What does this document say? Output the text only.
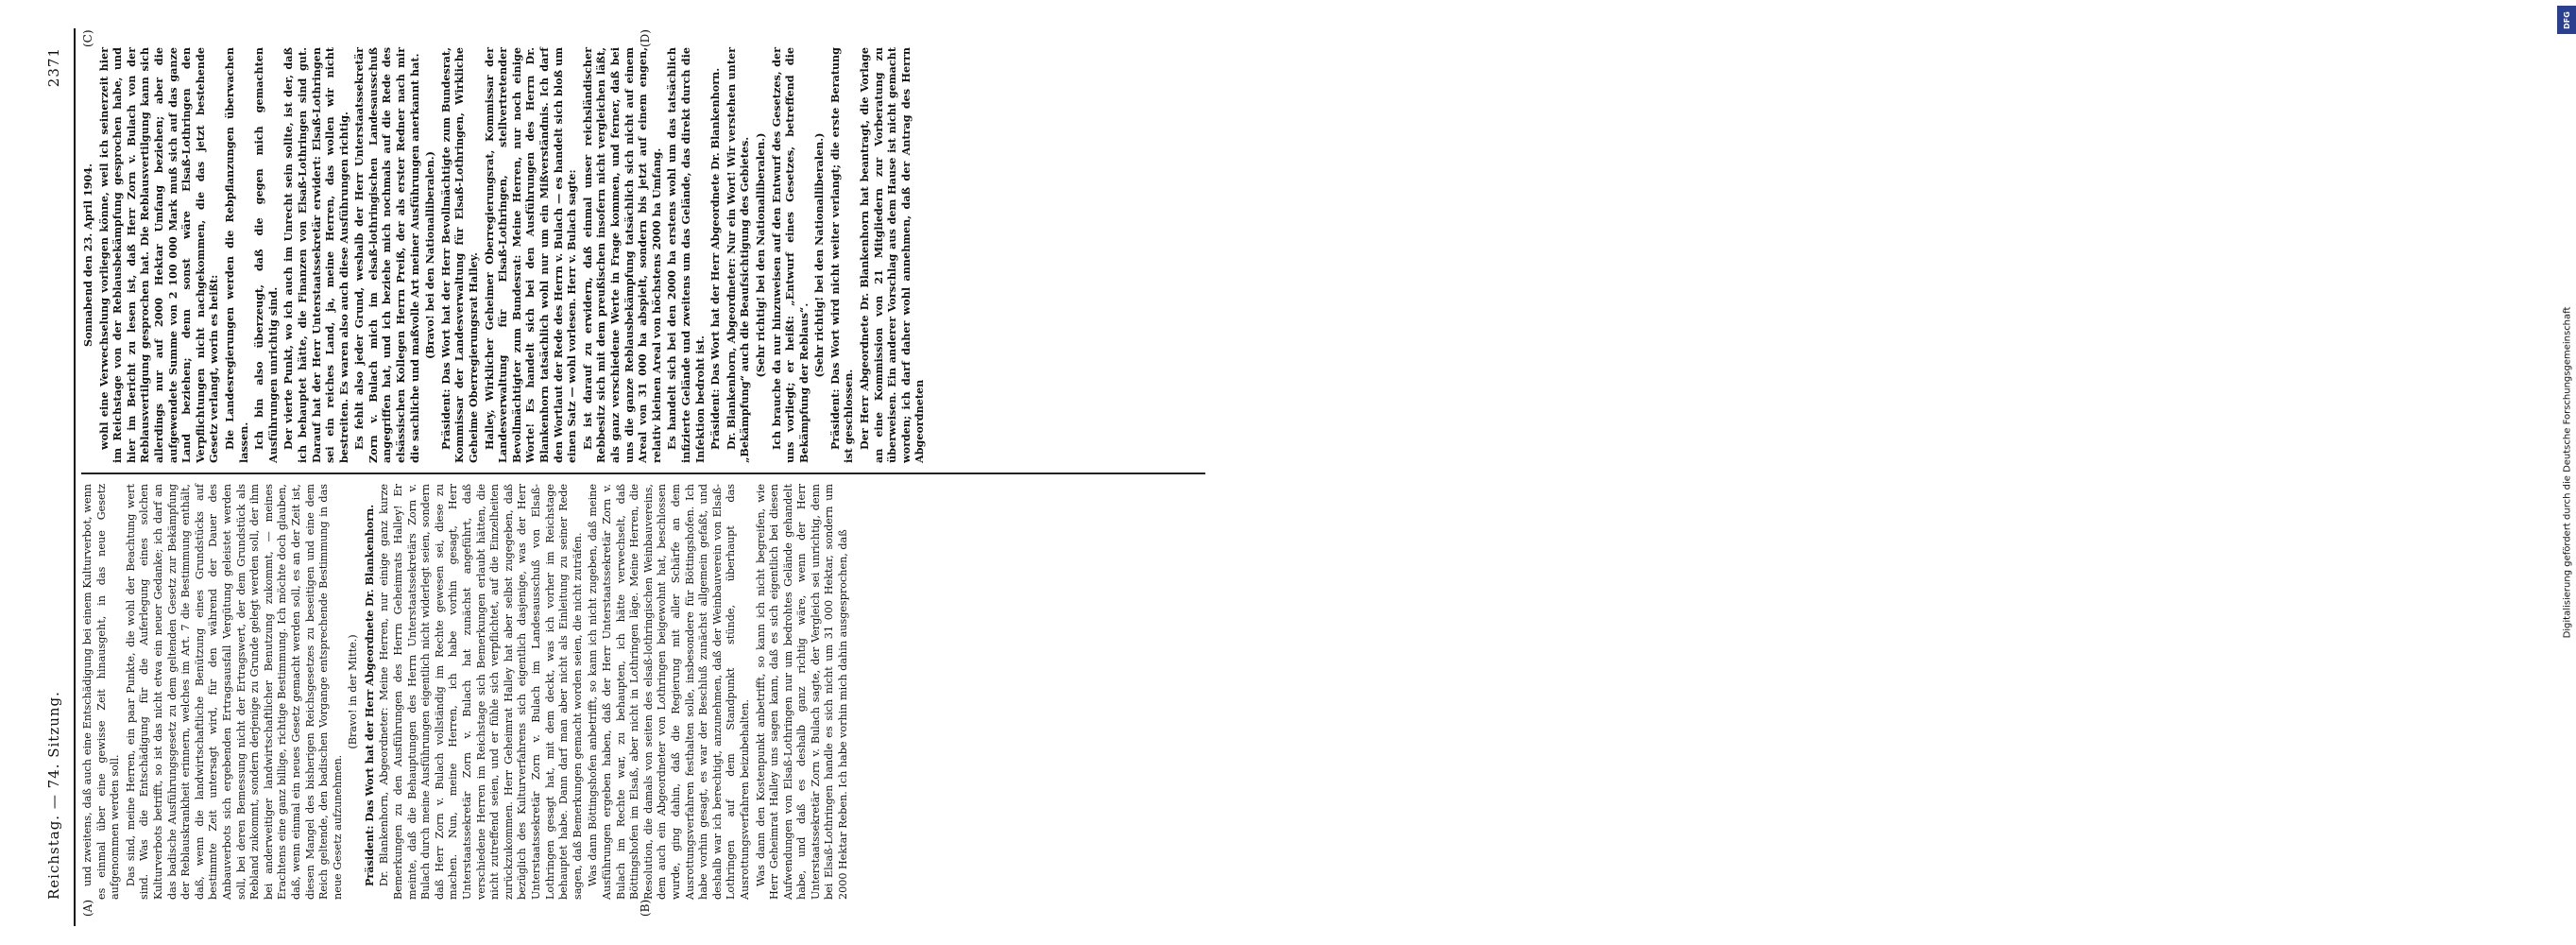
Reichstag. — 74. Sitzung.
2371
(A)	(B)

und zweitens, daß auch eine Entschädigung bei einem Kulturverbot, wenn es einmal über eine gewisse Zeit hinausgeht, in das neue Gesetz aufgenommen werden soll. Das sind, meine Herren, ein paar Punkte, die wohl der Beachtung wert sind. Was die Entschädigung für die Auferlegung eines solchen Kulturverbots betrifft, so ist das nicht etwa ein neuer Gedanke; ich darf an das badische Ausführungsgesetz zu dem geltenden Gesetz zur Bekämpfung der Reblauskrankheit erinnern, welches im Art. 7 die Bestimmung enthält, daß, wenn die landwirtschaftliche Benützung eines Grundstücks auf bestimmte Zeit untersagt wird, für den während der Dauer des Anbauverbots sich ergebenden Ertragsausfall Vergütung geleistet werden soll, bei deren Bemessung nicht der Ertragswert, der dem Grundstück als Rebland zukommt, sondern derjenige zu Grunde gelegt werden soll, der ihm bei anderweitiger landwirtschaftlicher Benutzung zukommt, — meines Erachtens eine ganz billige, richtige Bestimmung. Ich möchte doch glauben, daß, wenn einmal ein neues Gesetz gemacht werden soll, es an der Zeit ist, diesen Mangel des bisherigen Reichsgesetzes zu beseitigen und eine dem Reich geltende, den badischen Vorgange entsprechende Bestimmung in das neue Gesetz aufzunehmen.

(Bravo! in der Mitte.) Präsident: Das Wort hat der Herr Abgeordnete Dr. Blankenhorn. Dr. Blankenhorn, Abgeordneter: Meine Herren, nur einige ganz kurze Bemerkungen zu den Ausführungen des Herrn Geheimrats Halley! Er meinte, daß die Behauptungen des Herrn Unterstaatssekretärs Zorn v. Bulach durch meine Ausführungen eigentlich nicht widerlegt seien, sondern daß Herr Zorn v. Bulach vollständig im Rechte gewesen sei, diese zu machen. Nun, meine Herren, ich habe vorhin gesagt, Herr Unterstaatssekretär Zorn v. Bulach hat zunächst angeführt, daß verschiedene Herren im Reichstage sich Bemerkungen erlaubt hätten, die nicht zutreffend seien, und er fühle sich verpflichtet, auf die Einzelheiten zurückzukommen. Herr Geheimrat Halley hat aber selbst zugegeben, daß bezüglich des Kulturverfahrens sich eigentlich dasjenige, was der Herr Unterstaatssekretär Zorn v. Bulach im Landesausschuß von Elsaß-Lothringen gesagt hat, mit dem deckt, was ich vorher im Reichstage behauptet habe. Dann darf man aber nicht als Einleitung zu seiner Rede sagen, daß Bemerkungen gemacht worden seien, die nicht zuträfen. Was dann Böttingshofen anbetrifft, so kann ich nicht zugeben, daß meine Ausführungen ergeben haben, daß der Herr Unterstaatssekretär Zorn v. Bulach im Rechte war, zu behaupten, ich hätte verwechselt, daß Böttingshofen im Elsaß, aber nicht in Lothringen läge. Meine Herren, die Resolution, die damals von seiten des elsaß-lothringischen Weinbauvereins, dem auch ein Abgeordneter von Lothringen beigewohnt hat, beschlossen wurde, ging dahin, daß die Regierung mit aller Schärfe an dem Ausrottungsverfahren festhalten solle, insbesondere für Böttingshofen. Ich habe vorhin gesagt, es war der Beschluß zunächst allgemein gefaßt, und deshalb war ich berechtigt, anzunehmen, daß der Weinbauverein von Elsaß-Lothringen auf dem Standpunkt stünde, überhaupt das Ausrottungsverfahren beizubehalten. Was dann den Kostenpunkt anbetrifft, so kann ich nicht begreifen, wie Herr Geheimrat Halley uns sagen kann, daß es sich eigentlich bei diesen Aufwendungen von Elsaß-Lothringen nur um bedrohtes Gelände gehandelt habe, und daß es deshalb ganz richtig wäre, wenn der Herr Unterstaatssekretär Zorn v. Bulach sagte, der Vergleich sei unrichtig, denn bei Elsaß-Lothringen handle es sich nicht um 31 000 Hektar, sondern um 2000 Hektar Reben. Ich habe vorhin mich dahin ausgesprochen, daß

Sonnabend den 23. April 1904. wohl eine Verwechselung vorliegen könne, weil ich seinerzeit hier im Reichstage von der Reblausbekämpfung gesprochen habe, und hier im Bericht zu lesen ist, daß Herr Zorn v. Bulach von der Reblausvertilgung gesprochen hat. Die Reblausvertilgung kann sich allerdings nur auf 2000 Hektar Umfang beziehen; aber die aufgewendete Summe von 2 100 000 Mark muß sich auf das ganze Land beziehen; denn sonst wäre Elsaß-Lothringen den Verpflichtungen nicht nachgekommen, die das jetzt bestehende Gesetz verlangt, worin es heißt: Die Landesregierungen werden die Rebpflanzungen überwachen lassen. Ich bin also überzeugt, daß die gegen mich gemachten Ausführungen unrichtig sind. Der vierte Punkt, wo ich auch im Unrecht sein sollte, ist der, daß ich behauptet hätte, die Finanzen von Elsaß-Lothringen sind gut. Darauf hat der Herr Unterstaatssekretär erwidert: Elsaß-Lothringen sei ein reiches Land, ja, meine Herren, das wollen wir nicht bestreiten. Es waren also auch diese Ausführungen richtig. Es fehlt also jeder Grund, weshalb der Herr Unterstaatssekretär Zorn v. Bulach mich im elsaß-lothringischen Landesausschuß angegriffen hat, und ich beziehe mich nochmals auf die Rede des elsässischen Kollegen Herrn Preiß, der als erster Redner nach mir die sachliche und maßvolle Art meiner Ausführungen anerkannt hat. (Bravo! bei den Nationalliberalen.) Präsident: Das Wort hat der Herr Bevollmächtigte zum Bundesrat, Kommissar der Landesverwaltung für Elsaß-Lothringen, Wirkliche Geheime Oberregierungsrat Halley. Halley, Wirklicher Geheimer Oberregierungsrat, Kommissar der Landesverwaltung für Elsaß-Lothringen, stellvertretender Bevollmächtigter zum Bundesrat: Meine Herren, nur noch einige Worte! Es handelt sich bei den Ausführungen des Herrn Dr. Blankenhorn tatsächlich wohl nur um ein Mißverständnis. Ich darf den Wortlaut der Rede des Herrn v. Bulach — es handelt sich bloß um einen Satz — wohl vorlesen. Herr v. Bulach sagte: Es ist darauf zu erwidern, daß einmal unser reichsländischer Rebbesitz sich mit dem preußischen insofern nicht vergleichen läßt, als ganz verschiedene Werte in Frage kommen, und ferner, daß bei uns die ganze Reblausbekämpfung tatsächlich sich nicht auf einem Areal von 31 000 ha abspielt, sondern bis jetzt auf einem engen, relativ kleinen Areal von höchstens 2000 ha Umfang. Es handelt sich bei den 2000 ha erstens wohl um das tatsächlich infizierte Gelände und zweitens um das Gelände, das direkt durch die Infektion bedroht ist. Präsident: Das Wort hat der Herr Abgeordnete Dr. Blankenhorn. Dr. Blankenhorn, Abgeordneter: Nur ein Wort! Wir verstehen unter „Bekämpfung“ auch die Beaufsichtigung des Gebietes. (Sehr richtig! bei den Nationalliberalen.) Ich brauche da nur hinzuweisen auf den Entwurf des Gesetzes, der uns vorliegt; er heißt: „Entwurf eines Gesetzes, betreffend die Bekämpfung der Reblaus“.

(Sehr richtig! bei den Nationalliberalen.) Präsident: Das Wort wird nicht weiter verlangt; die erste Beratung ist geschlossen. Der Herr Abgeordnete Dr. Blankenhorn hat beantragt, die Vorlage an eine Kommission von 21 Mitgliedern zur Vorberatung zu überweisen. Ein anderer Vorschlag aus dem Hause ist nicht gemacht worden; ich darf daher wohl annehmen, daß der Antrag des Herrn Abgeordneten

(C)	(D)
DFG
Digitalisierung gefördert durch die Deutsche Forschungsgemeinschaft
